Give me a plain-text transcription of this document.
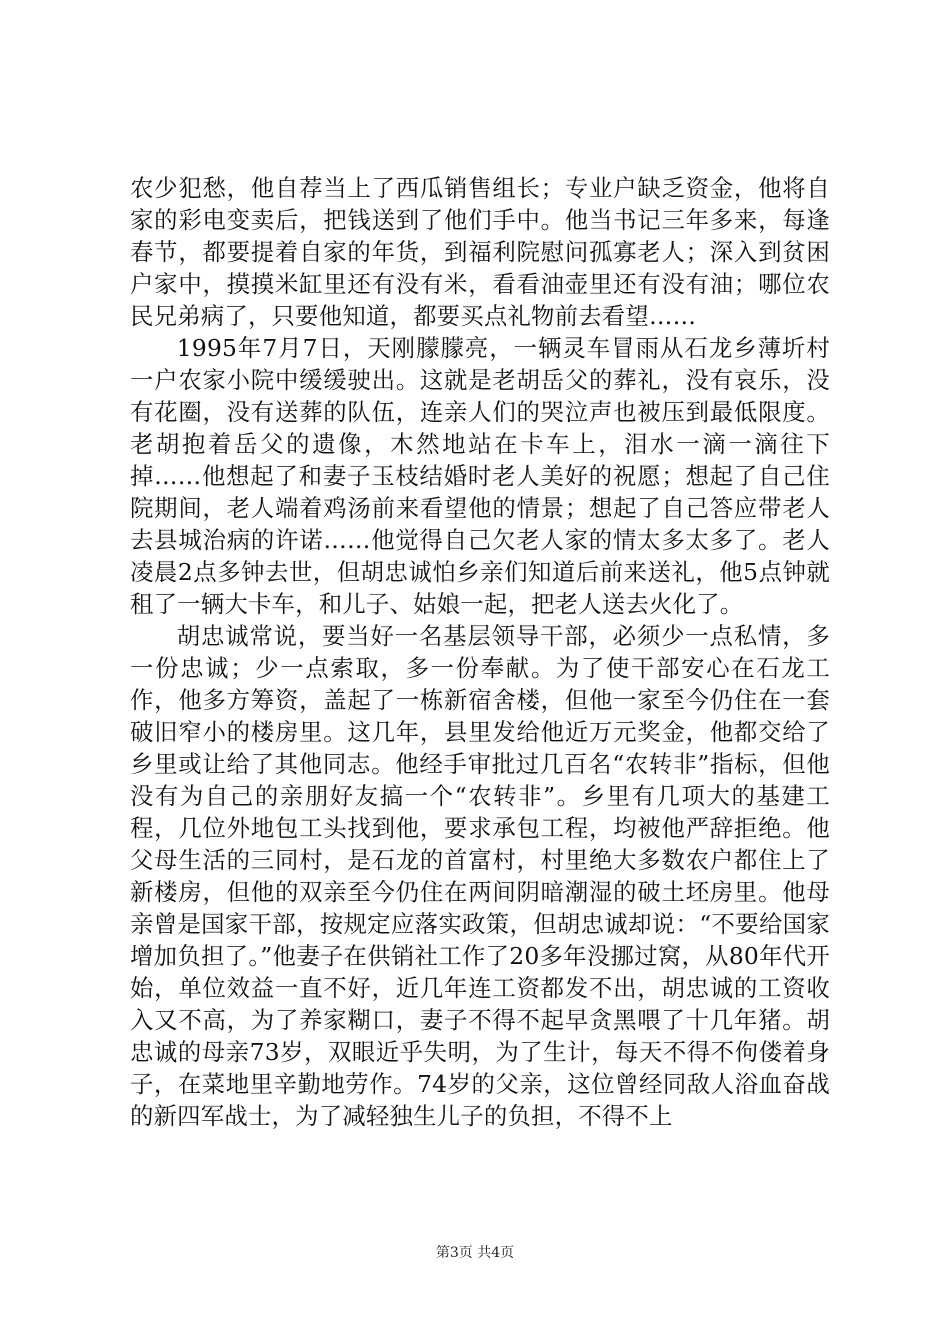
农少犯愁，他自荐当上了西瓜销售组长；专业户缺乏资金，他将自家的彩电变卖后，把钱送到了他们手中。他当书记三年多来，每逢春节，都要提着自家的年货，到福利院慰问孤寡老人；深入到贫困户家中，摸摸米缸里还有没有米，看看油壶里还有没有油；哪位农民兄弟病了，只要他知道，都要买点礼物前去看望……

1995年7月7日，天刚朦朦亮，一辆灵车冒雨从石龙乡薄圻村一户农家小院中缓缓驶出。这就是老胡岳父的葬礼，没有哀乐，没有花圈，没有送葬的队伍，连亲人们的哭泣声也被压到最低限度。老胡抱着岳父的遗像，木然地站在卡车上，泪水一滴一滴往下掉……他想起了和妻子玉枝结婚时老人美好的祝愿；想起了自己住院期间，老人端着鸡汤前来看望他的情景；想起了自己答应带老人去县城治病的许诺……他觉得自己欠老人家的情太多太多了。老人凌晨2点多钟去世，但胡忠诚怕乡亲们知道后前来送礼，他5点钟就租了一辆大卡车，和儿子、姑娘一起，把老人送去火化了。

胡忠诚常说，要当好一名基层领导干部，必须少一点私情，多一份忠诚；少一点索取，多一份奉献。为了使干部安心在石龙工作，他多方筹资，盖起了一栋新宿舍楼，但他一家至今仍住在一套破旧窄小的楼房里。这几年，县里发给他近万元奖金，他都交给了乡里或让给了其他同志。他经手审批过几百名“农转非”指标，但他没有为自己的亲朋好友搞一个“农转非”。乡里有几项大的基建工程，几位外地包工头找到他，要求承包工程，均被他严辞拒绝。他父母生活的三同村，是石龙的首富村，村里绝大多数农户都住上了新楼房，但他的双亲至今仍住在两间阴暗潮湿的破土坯房里。他母亲曾是国家干部，按规定应落实政策，但胡忠诚却说：“不要给国家增加负担了。”他妻子在供销社工作了20多年没挪过窝，从80年代开始，单位效益一直不好，近几年连工资都发不出，胡忠诚的工资收入又不高，为了养家糊口，妻子不得不起早贪黑喂了十几年猪。胡忠诚的母亲73岁，双眼近乎失明，为了生计，每天不得不佝偻着身子，在菜地里辛勤地劳作。74岁的父亲，这位曾经同敌人浴血奋战的新四军战士，为了减轻独生儿子的负担，不得不上

第3页 共4页
